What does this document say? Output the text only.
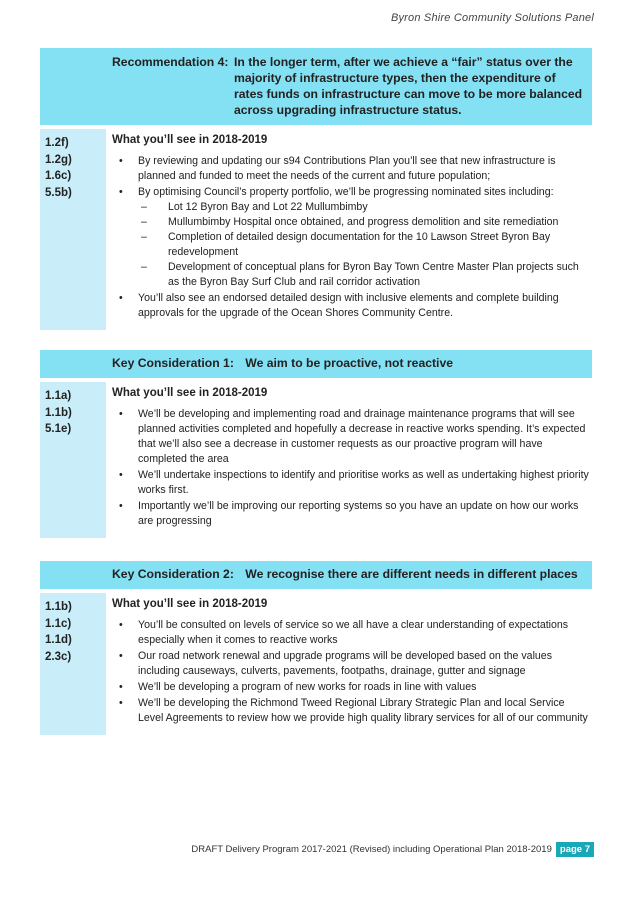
Byron Shire Community Solutions Panel
Recommendation 4: In the longer term, after we achieve a “fair” status over the majority of infrastructure types, then the expenditure of rates funds on infrastructure can move to be more balanced across upgrading infrastructure status.
1.2f)
1.2g)
1.6c)
5.5b)
What you’ll see in 2018-2019
• By reviewing and updating our s94 Contributions Plan you’ll see that new infrastructure is planned and funded to meet the needs of the current and future population;
• By optimising Council’s property portfolio, we’ll be progressing nominated sites including:
– Lot 12 Byron Bay and Lot 22 Mullumbimby
– Mullumbimby Hospital once obtained, and progress demolition and site remediation
– Completion of detailed design documentation for the 10 Lawson Street Byron Bay redevelopment
– Development of conceptual plans for Byron Bay Town Centre Master Plan projects such as the Byron Bay Surf Club and rail corridor activation
• You’ll also see an endorsed detailed design with inclusive elements and complete building approvals for the upgrade of the Ocean Shores Community Centre.
Key Consideration 1: We aim to be proactive, not reactive
1.1a)
1.1b)
5.1e)
What you’ll see in 2018-2019
• We’ll be developing and implementing road and drainage maintenance programs that will see planned activities completed and hopefully a decrease in reactive works spending. It’s expected that we’ll also see a decrease in customer requests as our proactive program will have completed the area
• We’ll undertake inspections to identify and prioritise works as well as undertaking highest priority works first.
• Importantly we’ll be improving our reporting systems so you have an update on how our works are progressing
Key Consideration 2: We recognise there are different needs in different places
1.1b)
1.1c)
1.1d)
2.3c)
What you’ll see in 2018-2019
• You’ll be consulted on levels of service so we all have a clear understanding of expectations especially when it comes to reactive works
• Our road network renewal and upgrade programs will be developed based on the values including causeways, culverts, pavements, footpaths, drainage, gutter and signage
• We’ll be developing a program of new works for roads in line with values
• We’ll be developing the Richmond Tweed Regional Library Strategic Plan and local Service Level Agreements to review how we provide high quality library services for all of our community
DRAFT Delivery Program 2017-2021 (Revised) including Operational Plan 2018-2019 page 7
